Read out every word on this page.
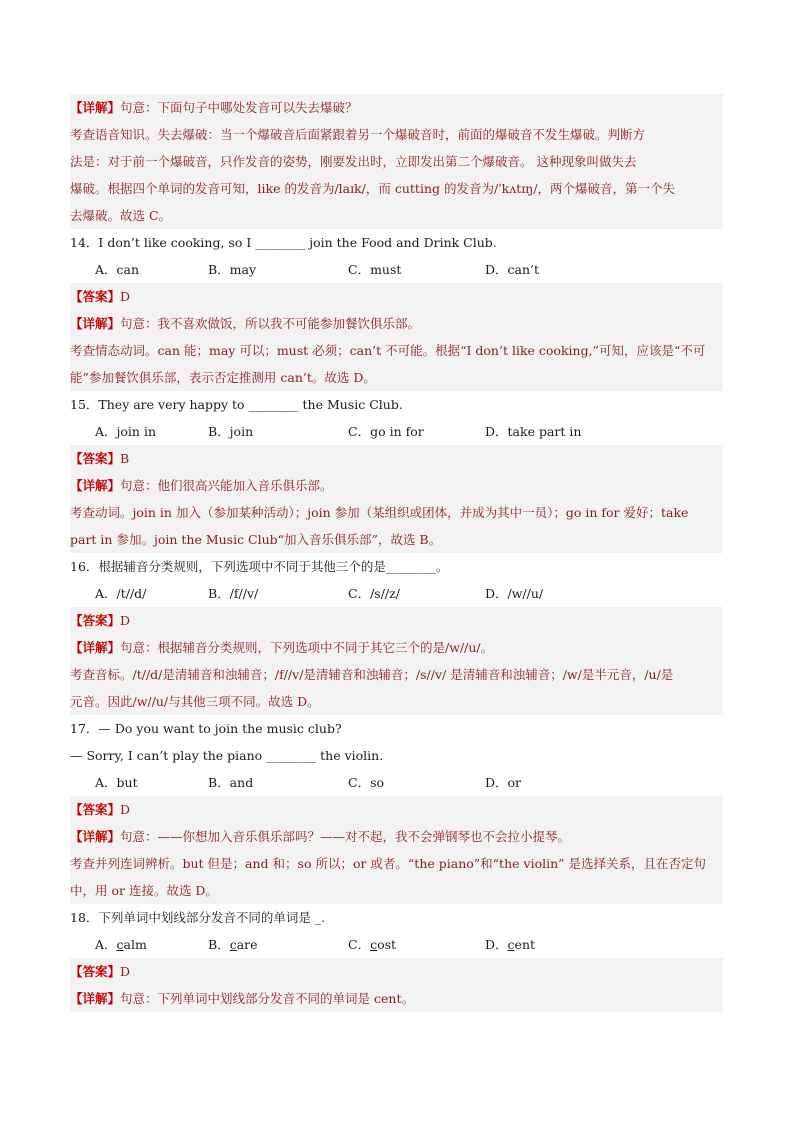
【详解】句意：下面句子中哪处发音可以失去爆破？
考查语音知识。失去爆破：当一个爆破音后面紧跟着另一个爆破音时，前面的爆破音不发生爆破。判断方
法是：对于前一个爆破音，只作发音的姿势，刚要发出时，立即发出第二个爆破音。 这种现象叫做失去
爆破。根据四个单词的发音可知，like 的发音为/laɪk/，而 cutting 的发音为/ˈkʌtɪŋ/，两个爆破音，第一个失
去爆破。故选 C。
14．I don’t like cooking, so I ________ join the Food and Drink Club.
A．can	B．may	C．must	D．can’t
【答案】D
【详解】句意：我不喜欢做饭，所以我不可能参加餐饮俱乐部。
考查情态动词。can 能；may 可以；must 必须；can’t 不可能。根据“I don’t like cooking,”可知，应该是“不可
能”参加餐饮俱乐部，表示否定推测用 can’t。故选 D。
15．They are very happy to ________ the Music Club.
A．join in	B．join	C．go in for	D．take part in
【答案】B
【详解】句意：他们很高兴能加入音乐俱乐部。
考查动词。join in 加入（参加某种活动）；join 参加（某组织或团体，并成为其中一员）；go in for 爱好；take
part in 参加。join the Music Club“加入音乐俱乐部”，故选 B。
16．根据辅音分类规则，下列选项中不同于其他三个的是________。
A．/t//d/	B．/f//v/	C．/s//z/	D．/w//u/
【答案】D
【详解】句意：根据辅音分类规则，下列选项中不同于其它三个的是/w//u/。
考查音标。/t//d/是清辅音和浊辅音；/f//v/是清辅音和浊辅音；/s//v/ 是清辅音和浊辅音；/w/是半元音，/u/是
元音。因此/w//u/与其他三项不同。故选 D。
17．— Do you want to join the music club?
— Sorry, I can’t play the piano ________ the violin.
A．but	B．and	C．so	D．or
【答案】D
【详解】句意：——你想加入音乐俱乐部吗？——对不起，我不会弹钢琴也不会拉小提琴。
考查并列连词辨析。but 但是；and 和；so 所以；or 或者。“the piano”和“the violin” 是选择关系，且在否定句
中，用 or 连接。故选 D。
18．下列单词中划线部分发音不同的单词是 _.
A．calm	B．care	C．cost	D．cent
【答案】D
【详解】句意：下列单词中划线部分发音不同的单词是 cent。
